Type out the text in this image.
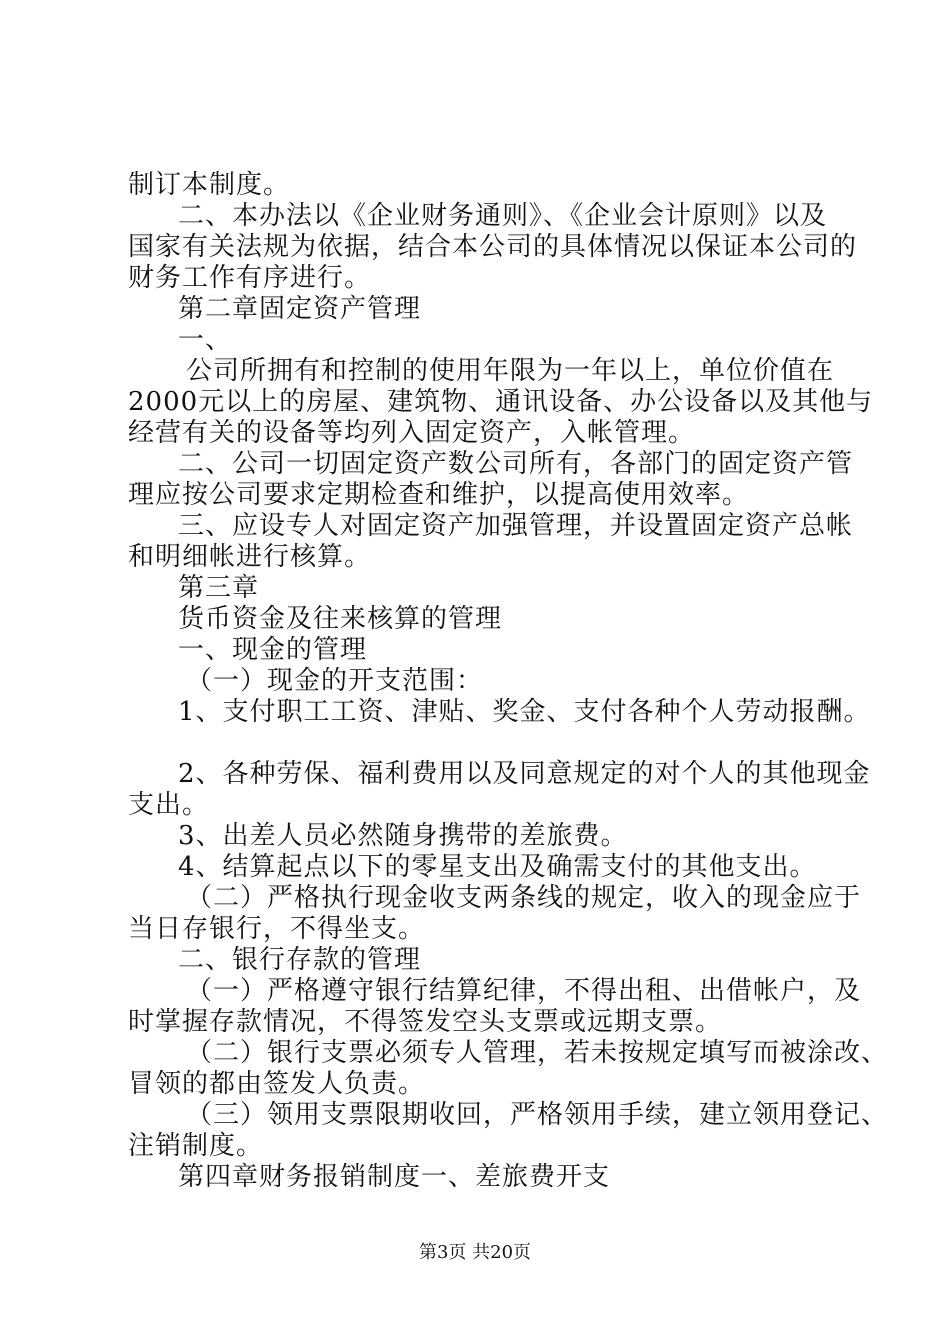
制订本制度。
二、本办法以《企业财务通则》、《企业会计原则》以及
国家有关法规为依据，结合本公司的具体情况以保证本公司的
财务工作有序进行。
第二章固定资产管理
一、
公司所拥有和控制的使用年限为一年以上，单位价值在
2000元以上的房屋、建筑物、通讯设备、办公设备以及其他与
经营有关的设备等均列入固定资产，入帐管理。
二、公司一切固定资产数公司所有，各部门的固定资产管
理应按公司要求定期检查和维护，以提高使用效率。
三、应设专人对固定资产加强管理，并设置固定资产总帐
和明细帐进行核算。
第三章
货币资金及往来核算的管理
一、现金的管理
（一）现金的开支范围：
1、支付职工工资、津贴、奖金、支付各种个人劳动报酬。
2、各种劳保、福利费用以及同意规定的对个人的其他现金
支出。
3、出差人员必然随身携带的差旅费。
4、结算起点以下的零星支出及确需支付的其他支出。
（二）严格执行现金收支两条线的规定，收入的现金应于
当日存银行，不得坐支。
二、银行存款的管理
（一）严格遵守银行结算纪律，不得出租、出借帐户，及
时掌握存款情况，不得签发空头支票或远期支票。
（二）银行支票必须专人管理，若未按规定填写而被涂改、
冒领的都由签发人负责。
（三）领用支票限期收回，严格领用手续，建立领用登记、
注销制度。
第四章财务报销制度一、差旅费开支
第3页 共20页
